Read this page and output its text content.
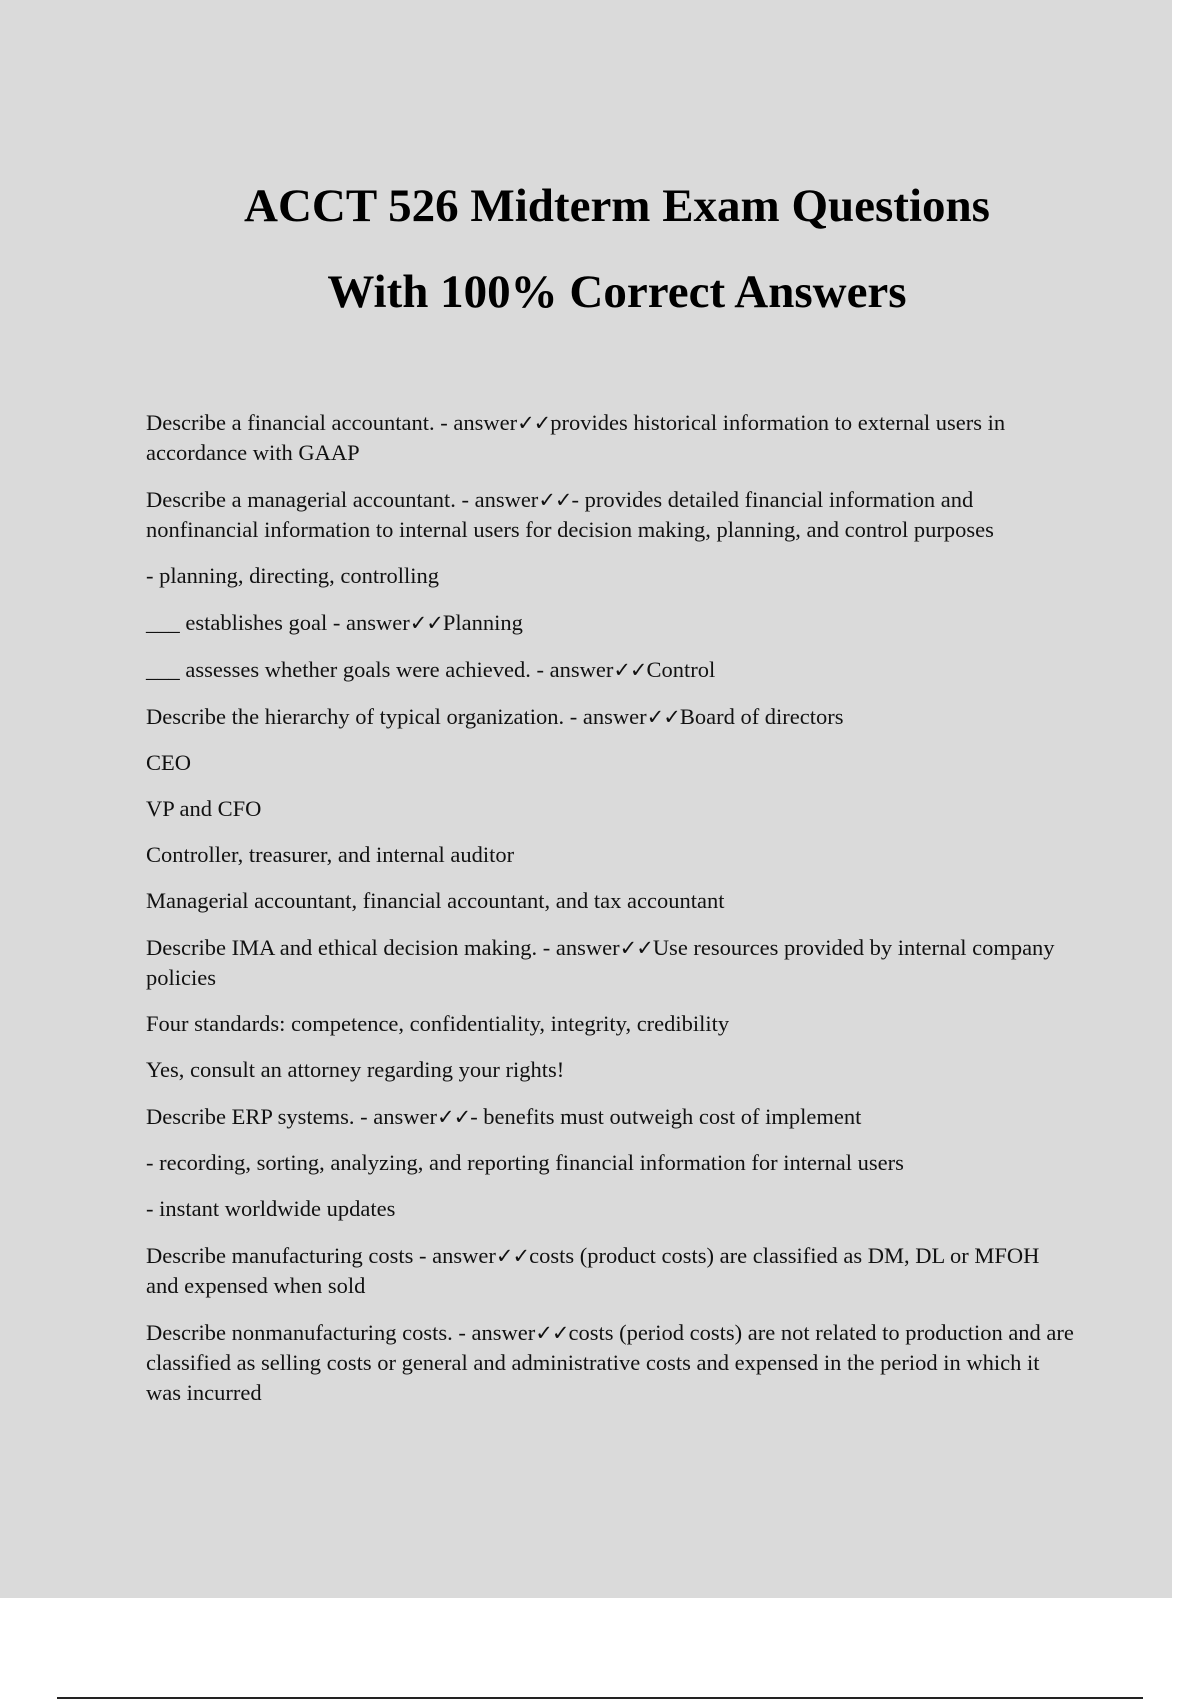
ACCT 526 Midterm Exam Questions
With 100% Correct Answers

Describe a financial accountant. - answer✓✓provides historical information to external users in accordance with GAAP

Describe a managerial accountant. - answer✓✓- provides detailed financial information and nonfinancial information to internal users for decision making, planning, and control purposes

- planning, directing, controlling

___ establishes goal - answer✓✓Planning

___ assesses whether goals were achieved. - answer✓✓Control

Describe the hierarchy of typical organization. - answer✓✓Board of directors

CEO

VP and CFO

Controller, treasurer, and internal auditor

Managerial accountant, financial accountant, and tax accountant

Describe IMA and ethical decision making. - answer✓✓Use resources provided by internal company policies

Four standards: competence, confidentiality, integrity, credibility

Yes, consult an attorney regarding your rights!

Describe ERP systems. - answer✓✓- benefits must outweigh cost of implement

- recording, sorting, analyzing, and reporting financial information for internal users

- instant worldwide updates

Describe manufacturing costs - answer✓✓costs (product costs) are classified as DM, DL or MFOH and expensed when sold

Describe nonmanufacturing costs. - answer✓✓costs (period costs) are not related to production and are classified as selling costs or general and administrative costs and expensed in the period in which it was incurred
